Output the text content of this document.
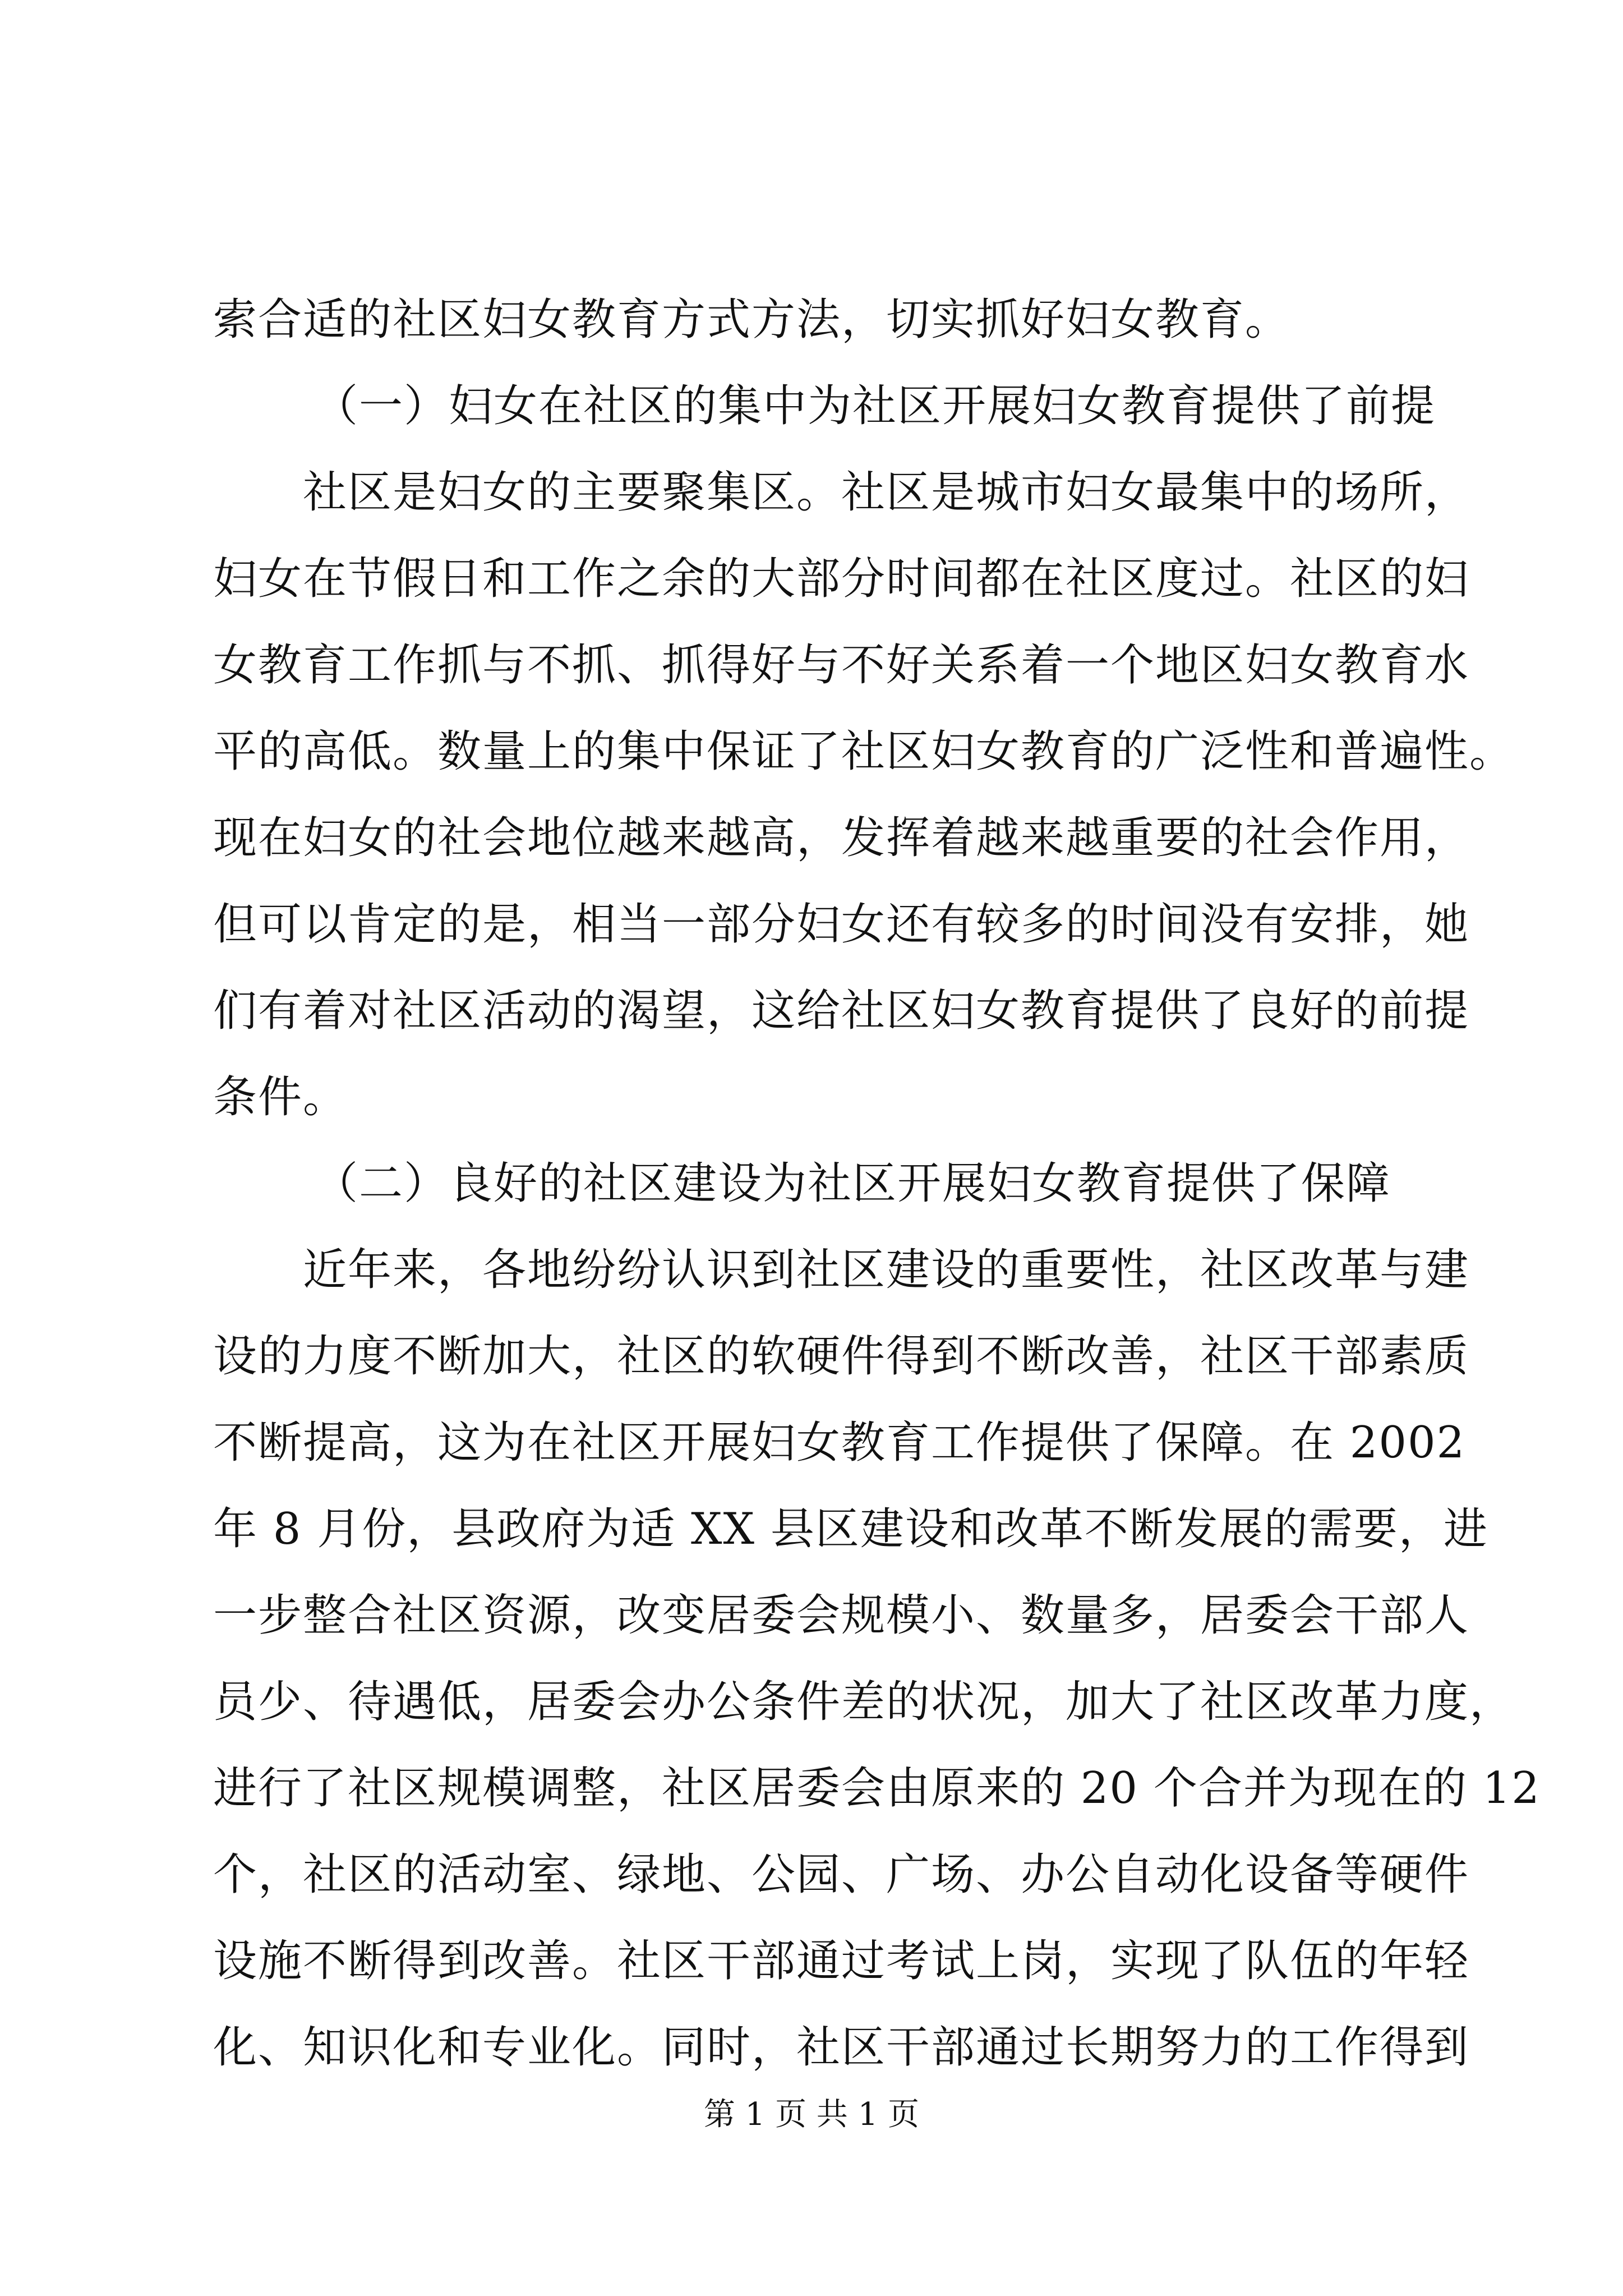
索合适的社区妇女教育方式方法，切实抓好妇女教育。
（一）妇女在社区的集中为社区开展妇女教育提供了前提
社区是妇女的主要聚集区。社区是城市妇女最集中的场所，
妇女在节假日和工作之余的大部分时间都在社区度过。社区的妇
女教育工作抓与不抓、抓得好与不好关系着一个地区妇女教育水
平的高低。数量上的集中保证了社区妇女教育的广泛性和普遍性。
现在妇女的社会地位越来越高，发挥着越来越重要的社会作用，
但可以肯定的是，相当一部分妇女还有较多的时间没有安排，她
们有着对社区活动的渴望，这给社区妇女教育提供了良好的前提
条件。
（二）良好的社区建设为社区开展妇女教育提供了保障
近年来，各地纷纷认识到社区建设的重要性，社区改革与建
设的力度不断加大，社区的软硬件得到不断改善，社区干部素质
不断提高，这为在社区开展妇女教育工作提供了保障。在 2002
年 8 月份，县政府为适 XX 县区建设和改革不断发展的需要，进
一步整合社区资源，改变居委会规模小、数量多，居委会干部人
员少、待遇低，居委会办公条件差的状况，加大了社区改革力度，
进行了社区规模调整，社区居委会由原来的 20 个合并为现在的 12
个，社区的活动室、绿地、公园、广场、办公自动化设备等硬件
设施不断得到改善。社区干部通过考试上岗，实现了队伍的年轻
第 1 页 共 1 页
化、知识化和专业化。同时，社区干部通过长期努力的工作得到
